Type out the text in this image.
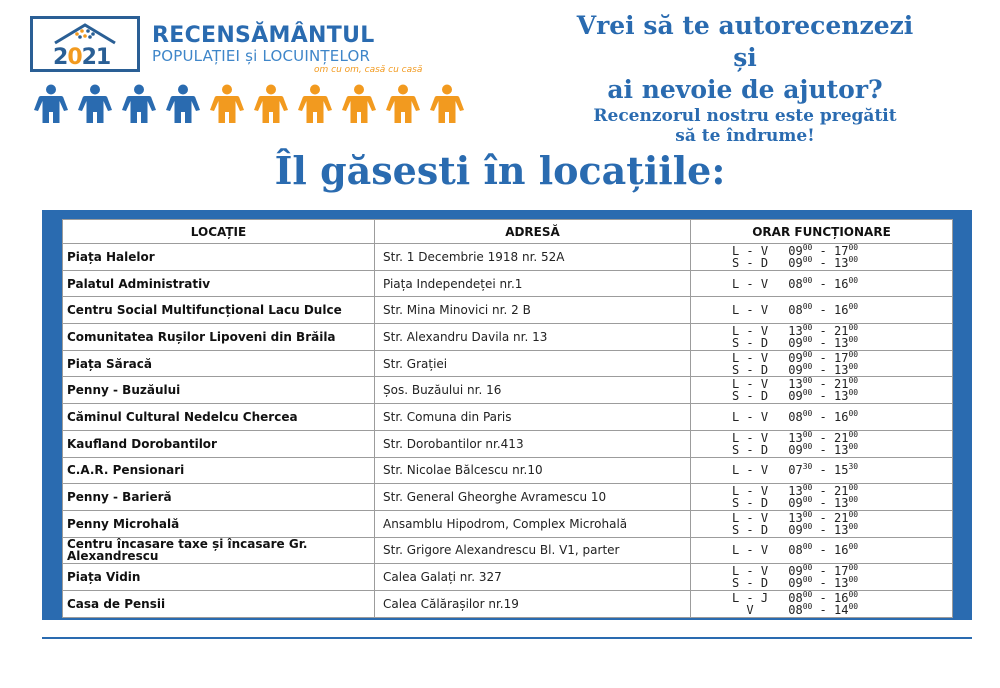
2021
RECENSĂMÂNTUL
POPULAȚIEI și LOCUINȚELOR
om cu om, casă cu casă
Vrei să te autorecenzezi
și
ai nevoie de ajutor?
Recenzorul nostru este pregătit
să te îndrume!
Îl găsesti în locațiile:
LOCAȚIE	ADRESĂ	ORAR FUNCȚIONARE
Piața Halelor	Str. 1 Decembrie 1918 nr. 52A	L - V $09^{00} - 17^{00}$
S - D $09^{00} - 13^{00}$

Palatul Administrativ	Piața Independeței nr.1	L - V $08^{00} - 16^{00}$

Centru Social Multifuncțional Lacu Dulce	Str. Mina Minovici nr. 2 B	L - V $08^{00} - 16^{00}$

Comunitatea Rușilor Lipoveni din Brăila	Str. Alexandru Davila nr. 13	L - V $13^{00} - 21^{00}$
S - D $09^{00} - 13^{00}$

Piața Săracă	Str. Grației	L - V $09^{00} - 17^{00}$
S - D $09^{00} - 13^{00}$

Penny - Buzăului	Șos. Buzăului nr. 16	L - V $13^{00} - 21^{00}$
S - D $09^{00} - 13^{00}$

Căminul Cultural Nedelcu Chercea	Str. Comuna din Paris	L - V $08^{00} - 16^{00}$

Kaufland Dorobantilor	Str. Dorobantilor nr.413	L - V $13^{00} - 21^{00}$
S - D $09^{00} - 13^{00}$

C.A.R. Pensionari	Str. Nicolae Bălcescu nr.10	L - V $07^{30} - 15^{30}$

Penny - Barieră	Str. General Gheorghe Avramescu 10	L - V $13^{00} - 21^{00}$
S - D $09^{00} - 13^{00}$

Penny Microhală	Ansamblu Hipodrom, Complex Microhală	L - V $13^{00} - 21^{00}$
S - D $09^{00} - 13^{00}$

Centru încasare taxe și încasare Gr. Alexandrescu	Str. Grigore Alexandrescu Bl. V1, parter	L - V $08^{00} - 16^{00}$

Piața Vidin	Calea Galați nr. 327	L - V $09^{00} - 17^{00}$
S - D $09^{00} - 13^{00}$

Casa de Pensii	Calea Călărașilor nr.19	L - J $08^{00} - 16^{00}$
V $08^{00} - 14^{00}$
